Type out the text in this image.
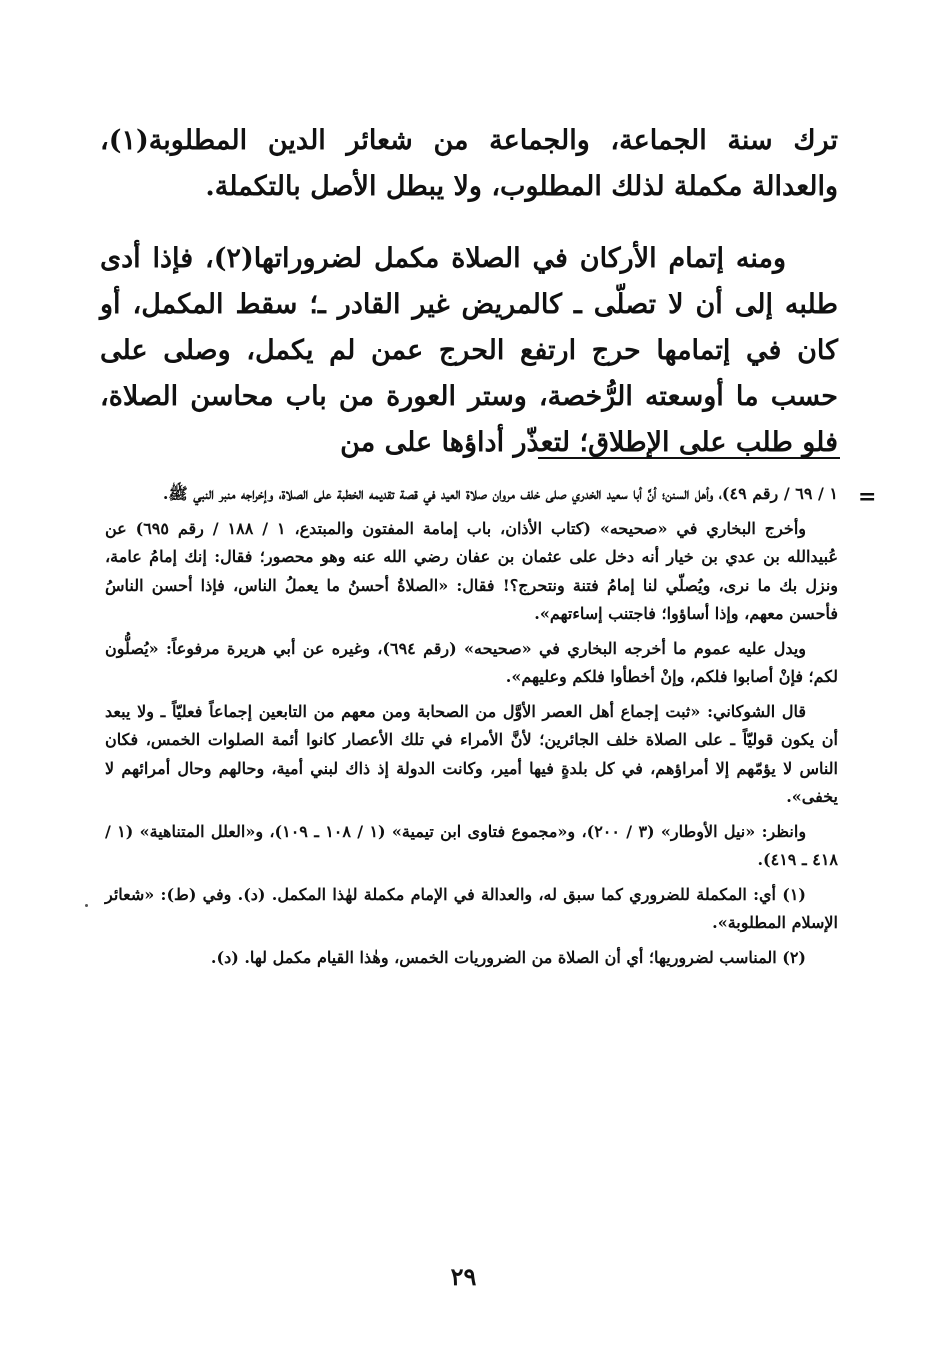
ترك سنة الجماعة، والجماعة من شعائر الدين المطلوبة(١)، والعدالة مكملة لذلك المطلوب، ولا يبطل الأصل بالتكملة.

ومنه إتمام الأركان في الصلاة مكمل لضروراتها(٢)، فإذا أدى طلبه إلى أن لا تصلّى ـ كالمريض غير القادر ـ؛ سقط المكمل، أو كان في إتمامها حرج ارتفع الحرج عمن لم يكمل، وصلى على حسب ما أوسعته الرُّخصة، وستر العورة من باب محاسن الصلاة، فلو طلب على الإطلاق؛ لتعذّر أداؤها على من

=

١ / ٦٩ / رقم ٤٩)، وأهل السنن؛ أنَّ أبا سعيد الخدري صلى خلف مروان صلاة العيد في قصة تقديمه الخطبة على الصلاة، وإخراجه منبر النبي ﷺ.

وأخرج البخاري في «صحيحه» (كتاب الأذان، باب إمامة المفتون والمبتدع، ١ / ١٨٨ / رقم ٦٩٥) عن عُبيدالله بن عدي بن خيار أنه دخل على عثمان بن عفان رضي الله عنه وهو محصور؛ فقال: إنك إمامُ عامة، ونزل بك ما نرى، ويُصلّي لنا إمامُ فتنة ونتحرج؟! فقال: «الصلاةُ أحسنُ ما يعملُ الناس، فإذا أحسن الناسُ فأحسن معهم، وإذا أساؤوا؛ فاجتنب إساءتهم».

ويدل عليه عموم ما أخرجه البخاري في «صحيحه» (رقم ٦٩٤)، وغيره عن أبي هريرة مرفوعاً: «يُصلُّون لكم؛ فإنْ أصابوا فلكم، وإنْ أخطأوا فلكم وعليهم».

قال الشوكاني: «ثبت إجماع أهل العصر الأوَّل من الصحابة ومن معهم من التابعين إجماعاً فعليّاً ـ ولا يبعد أن يكون قوليّاً ـ على الصلاة خلف الجائرين؛ لأنَّ الأمراء في تلك الأعصار كانوا أئمة الصلوات الخمس، فكان الناس لا يؤمّهم إلا أمراؤهم، في كل بلدةٍ فيها أمير، وكانت الدولة إذ ذاك لبني أمية، وحالهم وحال أمرائهم لا يخفى».

وانظر: «نيل الأوطار» (٣ / ٢٠٠)، و«مجموع فتاوى ابن تيمية» (١ / ١٠٨ ـ ١٠٩)، و«العلل المتناهية» (١ / ٤١٨ ـ ٤١٩).

(١) أي: المكملة للضروري كما سبق له، والعدالة في الإمام مكملة لهٰذا المكمل. (د). وفي (ط): «شعائر الإسلام المطلوبة».

(٢) المناسب لضروريها؛ أي أن الصلاة من الضروريات الخمس، وهٰذا القيام مكمل لها. (د).

٢٩
